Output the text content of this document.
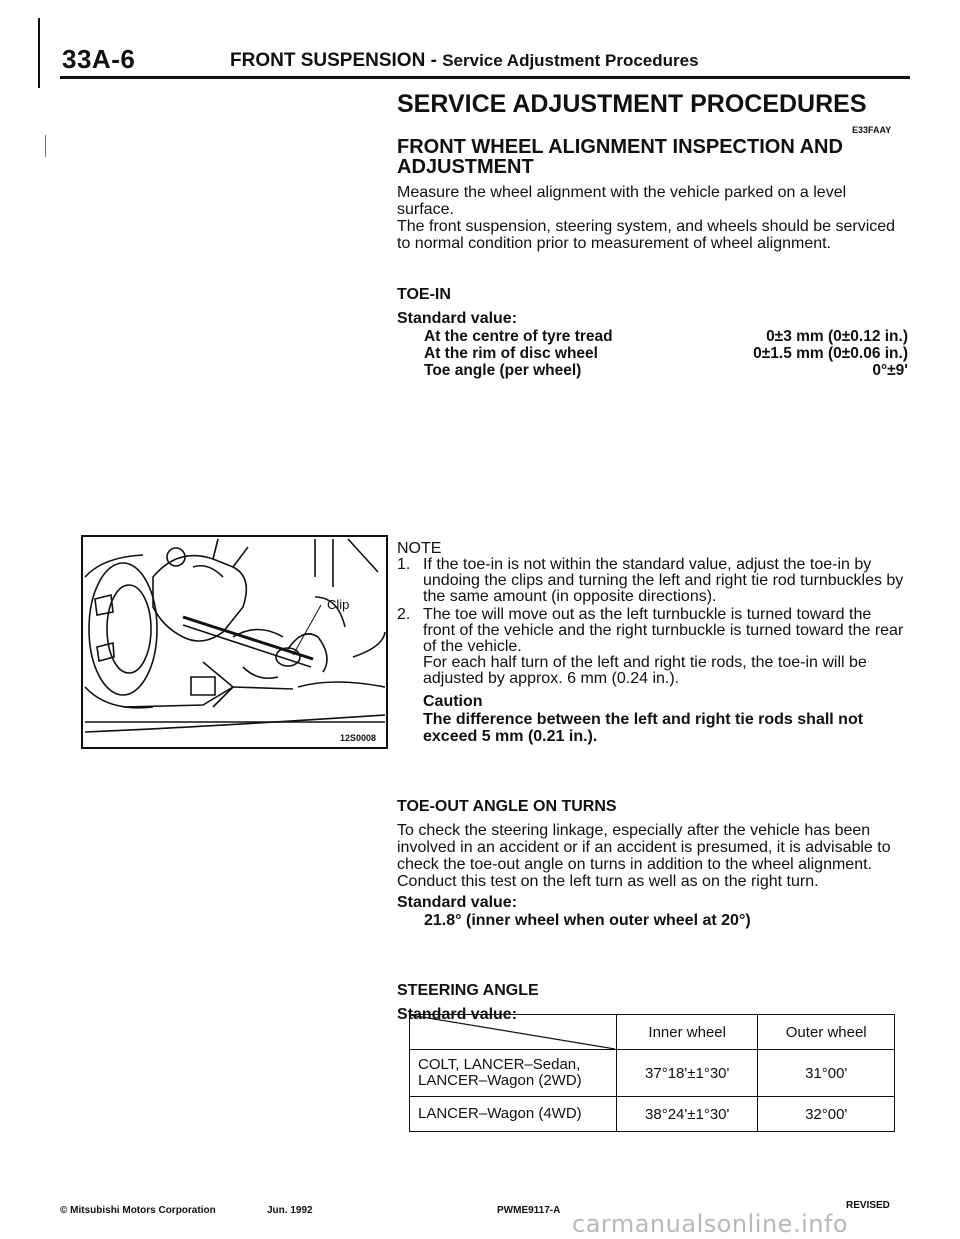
33A-6	FRONT SUSPENSION - Service Adjustment Procedures
SERVICE ADJUSTMENT PROCEDURES
E33FAAY
FRONT WHEEL ALIGNMENT INSPECTION AND ADJUSTMENT

Measure the wheel alignment with the vehicle parked on a level surface.

The front suspension, steering system, and wheels should be serviced to normal condition prior to measurement of wheel alignment.

TOE-IN
Standard value:
At the centre of tyre tread	0±3 mm (0±0.12 in.)
At the rim of disc wheel	0±1.5 mm (0±0.06 in.)
Toe angle (per wheel)	0°±9'
Clip
12S0008
NOTE
1. If the toe-in is not within the standard value, adjust the toe-in by undoing the clips and turning the left and right tie rod turnbuckles by the same amount (in opposite directions).
2. The toe will move out as the left turnbuckle is turned toward the front of the vehicle and the right turnbuckle is turned toward the rear of the vehicle.
For each half turn of the left and right tie rods, the toe-in will be adjusted by approx. 6 mm (0.24 in.).
Caution
The difference between the left and right tie rods shall not exceed 5 mm (0.21 in.).
TOE-OUT ANGLE ON TURNS

To check the steering linkage, especially after the vehicle has been involved in an accident or if an accident is presumed, it is advisable to check the toe-out angle on turns in addition to the wheel alignment.

Conduct this test on the left turn as well as on the right turn.

Standard value:
21.8° (inner wheel when outer wheel at 20°)
STEERING ANGLE
Standard value:
	Inner wheel	Outer wheel
COLT, LANCER–Sedan, LANCER–Wagon (2WD)	37°18'±1°30'	31°00'
LANCER–Wagon (4WD)	38°24'±1°30'	32°00'
© Mitsubishi Motors Corporation	Jun. 1992	PWME9117-A	REVISED
carmanualsonline.info
